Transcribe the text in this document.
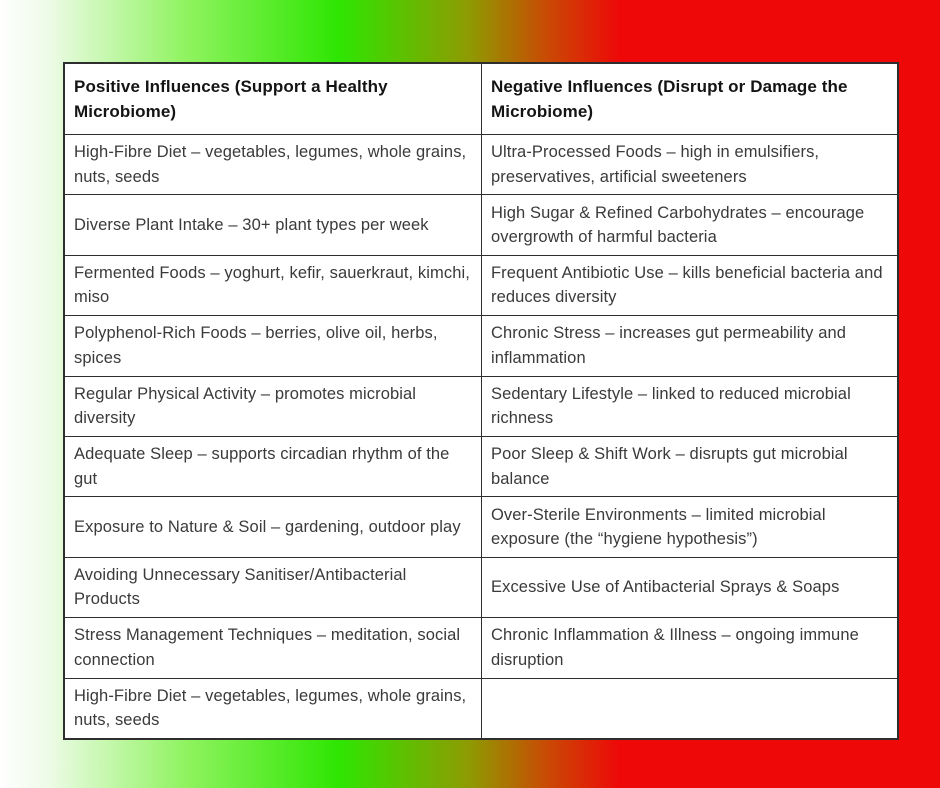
Positive Influences (Support a Healthy Microbiome)
Negative Influences (Disrupt or Damage the Microbiome)
High-Fibre Diet – vegetables, legumes, whole grains, nuts, seeds
Ultra-Processed Foods – high in emulsifiers, preservatives, artificial sweeteners
Diverse Plant Intake – 30+ plant types per week
High Sugar & Refined Carbohydrates – encourage overgrowth of harmful bacteria
Fermented Foods – yoghurt, kefir, sauerkraut, kimchi, miso
Frequent Antibiotic Use – kills beneficial bacteria and reduces diversity
Polyphenol-Rich Foods – berries, olive oil, herbs, spices
Chronic Stress – increases gut permeability and inflammation
Regular Physical Activity – promotes microbial diversity
Sedentary Lifestyle – linked to reduced microbial richness
Adequate Sleep – supports circadian rhythm of the gut
Poor Sleep & Shift Work – disrupts gut microbial balance
Exposure to Nature & Soil – gardening, outdoor play
Over-Sterile Environments – limited microbial exposure (the “hygiene hypothesis”)
Avoiding Unnecessary Sanitiser/Antibacterial Products
Excessive Use of Antibacterial Sprays & Soaps
Stress Management Techniques – meditation, social connection
Chronic Inflammation & Illness – ongoing immune disruption
High-Fibre Diet – vegetables, legumes, whole grains, nuts, seeds
